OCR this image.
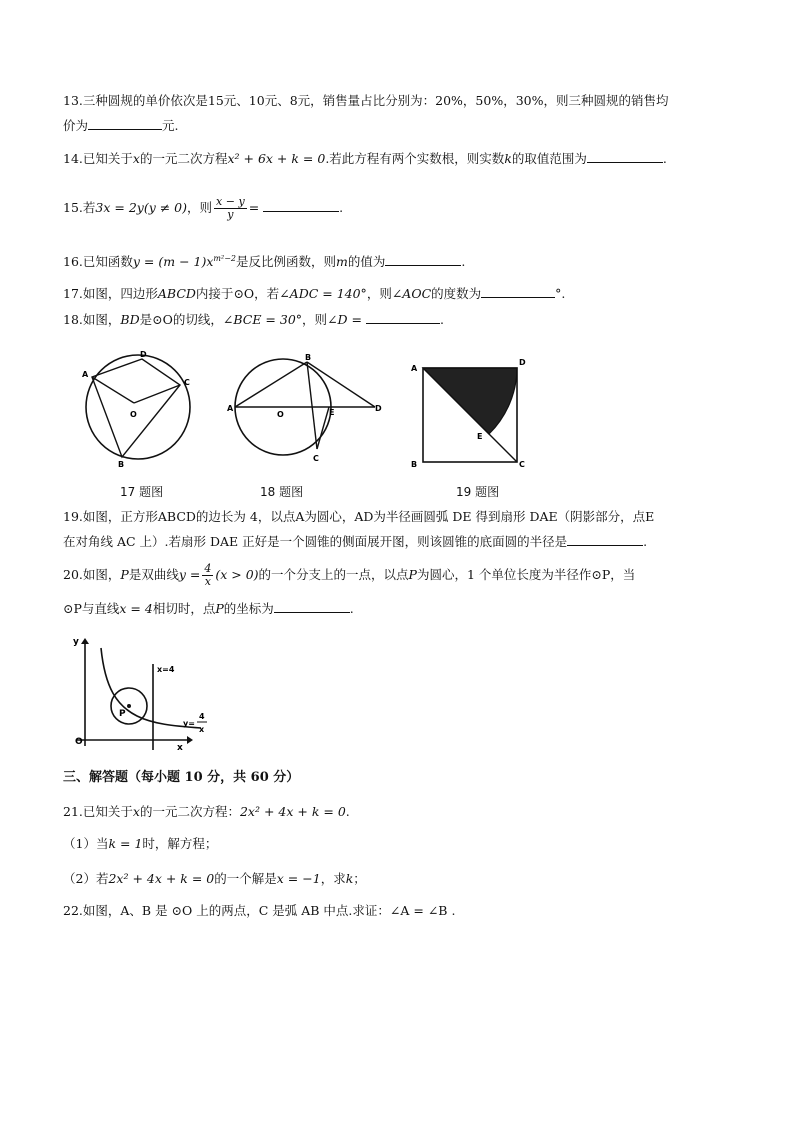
13.三种圆规的单价依次是15元、10元、8元，销售量占比分别为：20%，50%，30%，则三种圆规的销售均
价为	元.
14.已知关于x的一元二次方程x² + 6x + k = 0.若此方程有两个实数根，则实数k的取值范围为	.
15.若3x = 2y(y ≠ 0)，则 $\frac{x - y}{y}$ =	.
16.已知函数$y = (m - 1)x^{m^2-2}$是反比例函数，则m的值为	.
17.如图，四边形ABCD内接于⊙O，若∠ADC = 140°，则∠AOC的度数为	°.
18.如图，BD是⊙O的切线，∠BCE = 30°，则∠D =	.
A
B
C
D
O
17 题图
A
B
C
D
E
O
18 题图
A
B	C
D
E
19 题图
19.如图，正方形ABCD的边长为 4，以点A为圆心，AD为半径画圆弧 DE 得到扇形 DAE（阴影部分，点E
在对角线 AC 上）.若扇形 DAE 正好是一个圆锥的侧面展开图，则该圆锥的底面圆的半径是	.
20.如图，P是双曲线$y = \frac{4}{x} (x > 0)$的一个分支上的一点，以点P为圆心，1 个单位长度为半径作⊙P，当
⊙P与直线x = 4相切时，点P的坐标为	.
y
x
O
P
x=4
y=
4
x
三、解答题（每小题 10 分，共 60 分）
21.已知关于x的一元二次方程：2x² + 4x + k = 0.
（1）当k = 1时，解方程；
（2）若2x² + 4x + k = 0的一个解是x = −1，求k；
22.如图，A、B 是 ⊙O 上的两点，C 是弧 AB 中点.求证：∠A = ∠B .
